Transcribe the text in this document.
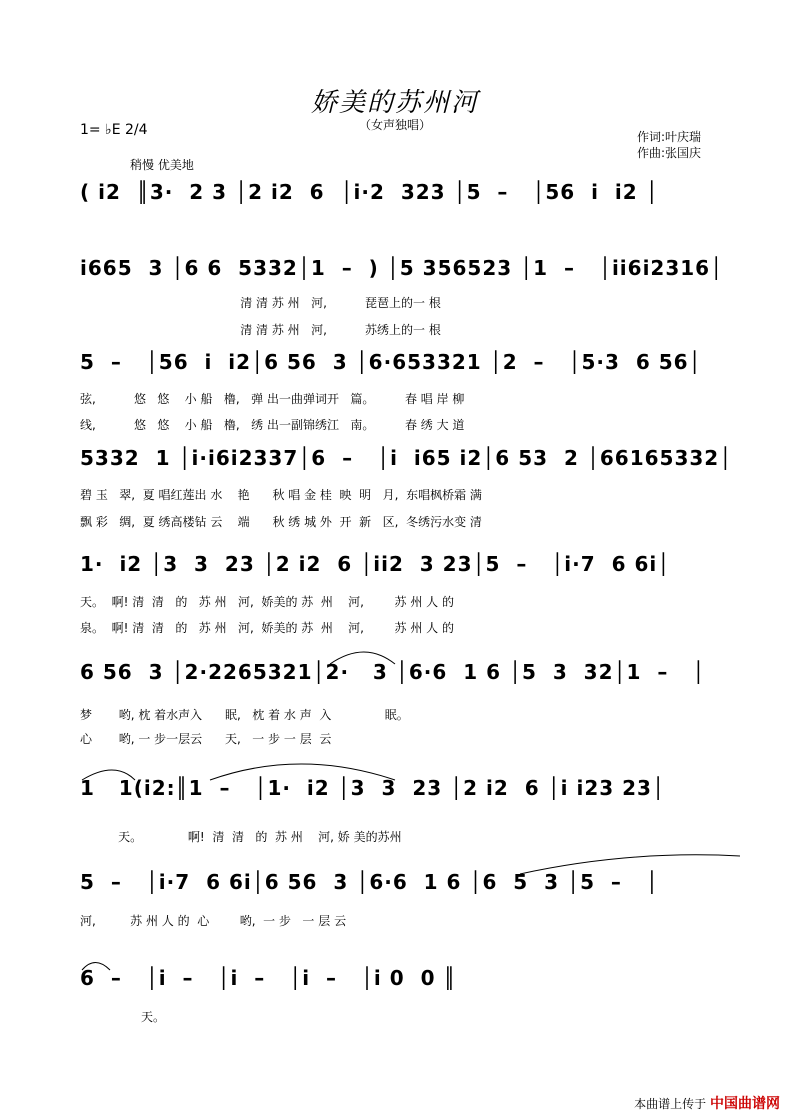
娇美的苏州河
（女声独唱）
1= ♭E 2/4	作词:叶庆瑞
作曲:张国庆
稍慢 优美地
( i2  ║3·  2 3 │2 i2  6  │i·2  323 │5  –   │56  i  i2 │
i665  3 │6 6  5332│1  –  ) │5 356523 │1  –   │ii6i2316│
清 清 苏 州   河,          琵琶上的一 根
清 清 苏 州   河,          苏绣上的一 根
5  –   │56  i  i2│6 56  3 │6·653321 │2  –   │5·3  6 56│
弦,          悠   悠    小 船   橹,   弹 出一曲弹词开   篇。        春 唱 岸 柳
线,          悠   悠    小 船   橹,   绣 出一副锦绣江   南。        春 绣 大 道
5332  1 │i·i6i2337│6  –   │i  i65 i2│6 53  2 │66165332│
碧 玉   翠,  夏 唱红莲出 水    艳      秋 唱 金 桂  映  明   月,  东唱枫桥霜 满
飘 彩   绸,  夏 绣高楼钻 云    端      秋 绣 城 外  开  新   区,  冬绣污水变 清
1·  i2 │3  3  23 │2 i2  6 │ii2  3 23│5  –   │i·7  6 6i│
天。  啊! 清  清   的   苏 州   河,  娇美的 苏  州    河,        苏 州 人 的
泉。  啊! 清  清   的   苏 州   河,  娇美的 苏  州    河,        苏 州 人 的
6 56  3 │2·2265321│2·   3 │6·6  1 6 │5  3  32│1  –   │
梦       哟, 枕 着水声入      眠,   枕 着 水 声  入              眠。
心       哟, 一 步一层云      天,   一 步 一 层  云
1   1(i2:║1  –   │1·  i2 │3  3  23 │2 i2  6 │i i23 23│
天。            啊!  清  清   的  苏 州    河, 娇 美的苏州
5  –   │i·7  6 6i│6 56  3 │6·6  1 6 │6  5  3 │5  –   │
河,         苏 州 人 的  心        哟,  一 步   一 层 云
6  –   │i  –   │i  –   │i  –   │i 0  0 ║
天。
本曲谱上传于 中国曲谱网
